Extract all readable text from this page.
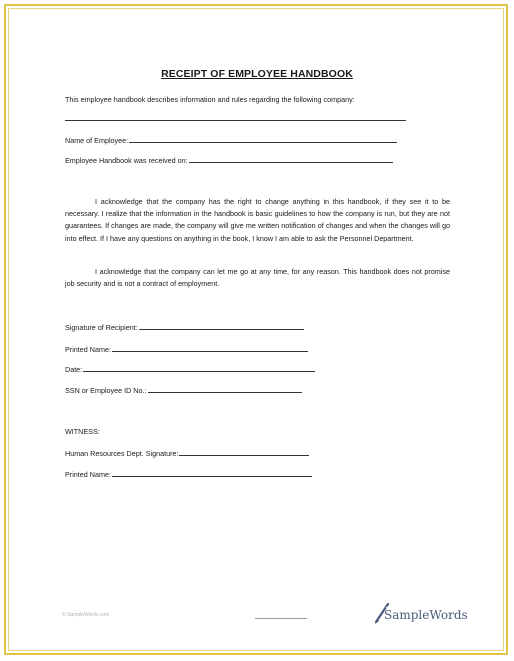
RECEIPT OF EMPLOYEE HANDBOOK
This employee handbook describes information and rules regarding the following company:
Name of Employee:
Employee Handbook was received on:
I acknowledge that the company has the right to change anything in this handbook, if they see it to be necessary. I realize that the information in the handbook is basic guidelines to how the company is run, but they are not guarantees. If changes are made, the company will give me written notification of changes and when the changes will go into effect. If I have any questions on anything in the book, I know I am able to ask the Personnel Department.
I acknowledge that the company can let me go at any time, for any reason. This handbook does not promise job security and is not a contract of employment.
Signature of Recipient:
Printed Name:
Date:
SSN or Employee ID No.:
WITNESS:
Human Resources Dept. Signature:
Printed Name:
© SampleWords.com	SampleWords
